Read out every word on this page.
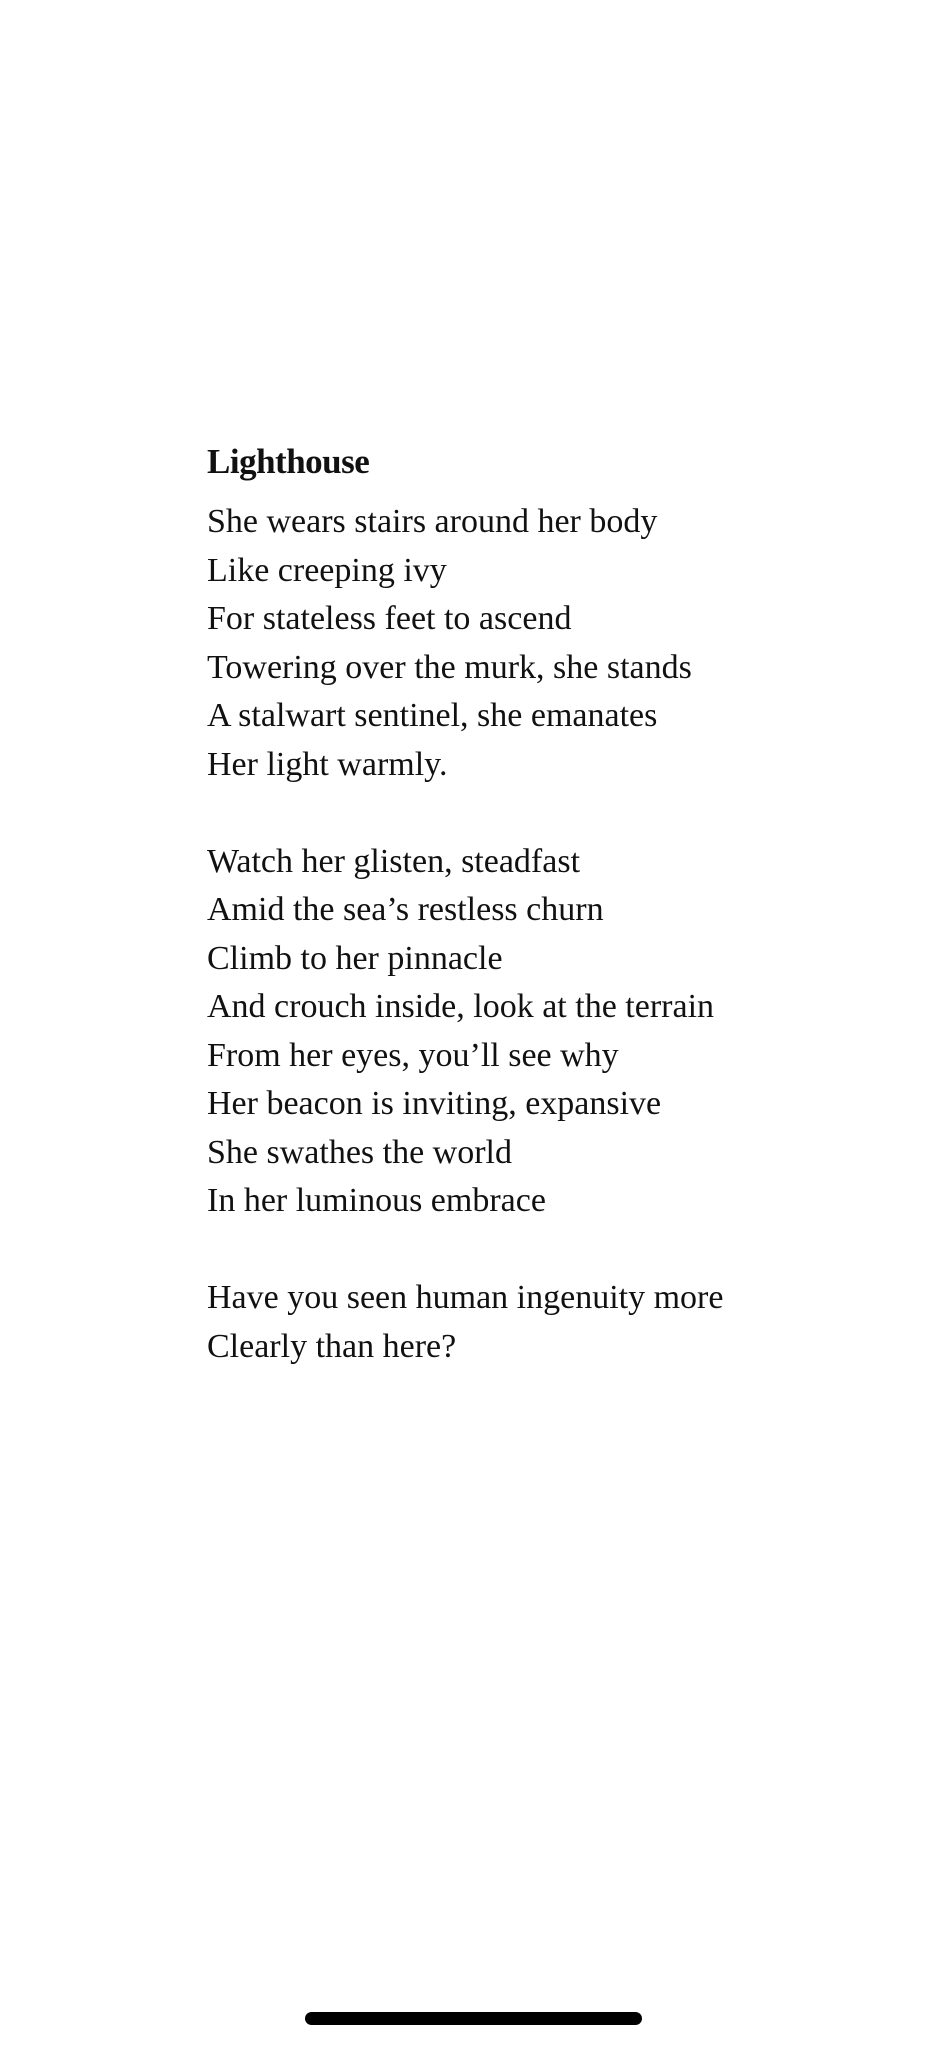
Lighthouse

She wears stairs around her body
Like creeping ivy
For stateless feet to ascend
Towering over the murk, she stands
A stalwart sentinel, she emanates
Her light warmly.

Watch her glisten, steadfast
Amid the sea’s restless churn
Climb to her pinnacle
And crouch inside, look at the terrain
From her eyes, you’ll see why
Her beacon is inviting, expansive
She swathes the world
In her luminous embrace

Have you seen human ingenuity more
Clearly than here?
